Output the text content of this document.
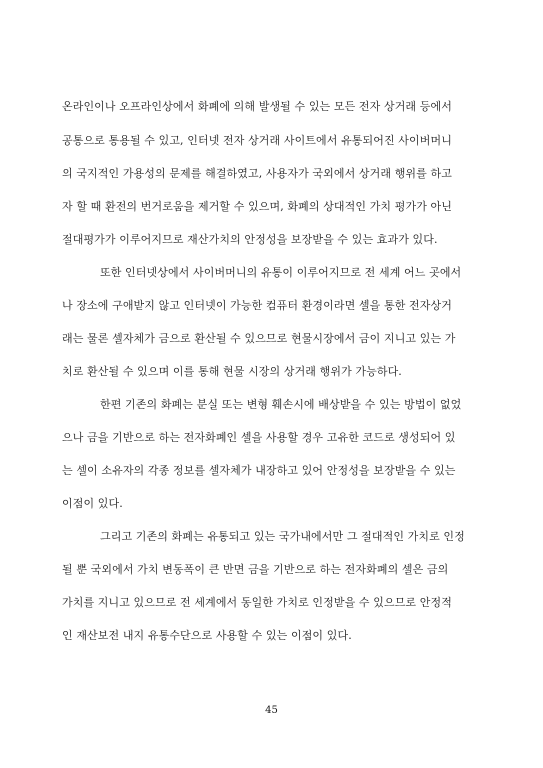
온라인이나 오프라인상에서 화폐에 의해 발생될 수 있는 모든 전자 상거래 등에서
공통으로 통용될 수 있고, 인터넷 전자 상거래 사이트에서 유통되어진 사이버머니
의 국지적인 가용성의 문제를 해결하였고, 사용자가 국외에서 상거래 행위를 하고
자 할 때 환전의 번거로움을 제거할 수 있으며, 화폐의 상대적인 가치 평가가 아닌
절대평가가 이루어지므로 재산가치의 안정성을 보장받을 수 있는 효과가 있다.
또한 인터넷상에서 사이버머니의 유통이 이루어지므로 전 세계 어느 곳에서
나 장소에 구애받지 않고 인터넷이 가능한 컴퓨터 환경이라면 셀을 통한 전자상거
래는 물론 셀자체가 금으로 환산될 수 있으므로 현물시장에서 금이 지니고 있는 가
치로 환산될 수 있으며 이를 통해 현물 시장의 상거래 행위가 가능하다.
한편 기존의 화폐는 분실 또는 변형 훼손시에 배상받을 수 있는 방법이 없었
으나 금을 기반으로 하는 전자화폐인 셀을 사용할 경우 고유한 코드로 생성되어 있
는 셀이 소유자의 각종 정보를 셀자체가 내장하고 있어 안정성을 보장받을 수 있는
이점이 있다.
그리고 기존의 화폐는 유통되고 있는 국가내에서만 그 절대적인 가치로 인정
될 뿐 국외에서 가치 변동폭이 큰 반면 금을 기반으로 하는 전자화폐의 셀은 금의
가치를 지니고 있으므로 전 세계에서 동일한 가치로 인정받을 수 있으므로 안정적
인 재산보전 내지 유통수단으로 사용할 수 있는 이점이 있다.
45
